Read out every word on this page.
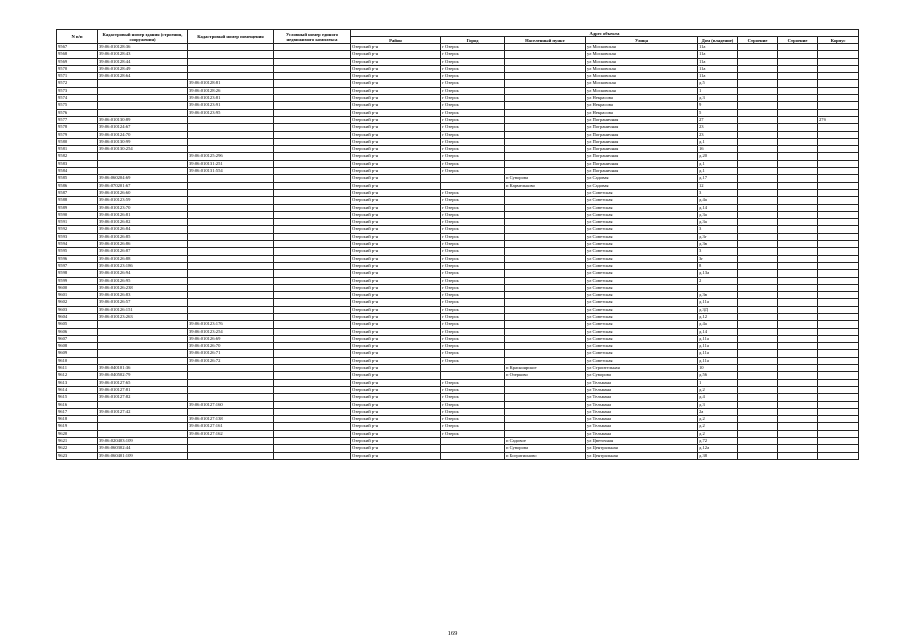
N п/п	Кадастровый номер здания (строения, сооружения)	Кадастровый номер помещения	Условный номер единого недвижимого комплекса	Адрес объекта							
				Район	Город	Населенный пункт	Улица	Дом (владение)	Строение	Строение	Корпус
9567	39:06:010128:36			Озерский р-н	г Озерск		ул Московская	11а			
9568	39:06:010128:43			Озерский р-н	г Озерск		ул Московская	11а			
9569	39:06:010128:44			Озерский р-н	г Озерск		ул Московская	11а			
9570	39:06:010128:49			Озерский р-н	г Озерск		ул Московская	11а			
9571	39:06:010128:64			Озерский р-н	г Озерск		ул Московская	11а			
9572		39:06:010128:81		Озерский р-н	г Озерск		ул Московская	д.5			
9573		39:06:010128:26		Озерский р-н	г Озерск		ул Московская	1			
9574		39:06:010123:81		Озерский р-н	г Озерск		ул Некрасова	д.3			
9575		39:06:010123:91		Озерский р-н	г Озерск		ул Некрасова	9			
9576		39:06:010123:95		Озерский р-н	г Озерск		ул Некрасова	5			
9577	39:06:010130:89			Озерский р-н	г Озерск		ул Пограничная	27			27б
9578	39:06:010124:67			Озерский р-н	г Озерск		ул Пограничная	23			
9579	39:06:010124:70			Озерский р-н	г Озерск		ул Пограничная	23			
9580	39:06:010130:99			Озерский р-н	г Озерск		ул Пограничная	д.1			
9581	39:06:010130:254			Озерский р-н	г Озерск		ул Пограничная	16			
9582		39:06:010125:296		Озерский р-н	г Озерск		ул Пограничная	д.20			
9583		39:06:010131:251		Озерский р-н	г Озерск		ул Пограничная	д.1			
9584		39:06:010131:554		Озерский р-н	г Озерск		ул Пограничная	д.1			
9585	39:06:060204:69			Озерский р-н		п Суворова	ул Садовая	д.17			
9586	39:06:070201:67			Озерский р-н		п Кармельково	ул Садовая	12			
9587	39:06:010126:60			Озерский р-н	г Озерск		ул Советская	3			
9588	39:06:010123:59			Озерский р-н	г Озерск		ул Советская	д.4а			
9589	39:06:010123:70			Озерский р-н	г Озерск		ул Советская	д.14			
9590	39:06:010126:81			Озерский р-н	г Озерск		ул Советская	д.3а			
9591	39:06:010126:82			Озерский р-н	г Озерск		ул Советская	д.3а			
9592	39:06:010126:84			Озерский р-н	г Озерск		ул Советская	3			
9593	39:06:010126:85			Озерский р-н	г Озерск		ул Советская	д.3г			
9594	39:06:010126:86			Озерский р-н	г Озерск		ул Советская	д.3в			
9595	39:06:010126:87			Озерский р-н	г Озерск		ул Советская	3			
9596	39:06:010126:88			Озерский р-н	г Озерск		ул Советская	3г			
9597	39:06:010123:186			Озерский р-н	г Озерск		ул Советская	8			
9598	39:06:010126:94			Озерский р-н	г Озерск		ул Советская	д.13а			
9599	39:06:010126:95			Озерский р-н	г Озерск		ул Советская	2			
9600	39:06:010126:238			Озерский р-н	г Озерск		ул Советская				
9601	39:06:010126:83			Озерский р-н	г Озерск		ул Советская	д.3в			
9602	39:06:010126:57			Озерский р-н	г Озерск		ул Советская	д.11а			
9603	39:06:010126:151			Озерский р-н	г Озерск		ул Советская	д.3Д			
9604	39:06:010123:263			Озерский р-н	г Озерск		ул Советская	д.12			
9605		39:06:010123:176		Озерский р-н	г Озерск		ул Советская	д.4а			
9606		39:06:010123:254		Озерский р-н	г Озерск		ул Советская	д.14			
9607		39:06:010126:69		Озерский р-н	г Озерск		ул Советская	д.11а			
9608		39:06:010126:70		Озерский р-н	г Озерск		ул Советская	д.11а			
9609		39:06:010126:71		Озерский р-н	г Озерск		ул Советская	д.11а			
9610		39:06:010126:72		Озерский р-н	г Озерск		ул Советская	д.11а			
9611	39:06:040101:36			Озерский р-н		п Красноярское	ул Строительная	10			
9612	39:06:040502:79			Озерский р-н		п Озерково	ул Суворова	д.56			
9613	39:06:010127:65			Озерский р-н	г Озерск		ул Тельмана	1			
9614	39:06:010127:81			Озерский р-н	г Озерск		ул Тельмана	д.2			
9615	39:06:010127:82			Озерский р-н	г Озерск		ул Тельмана	д.4			
9616		39:06:010127:160		Озерский р-н	г Озерск		ул Тельмана	д.3			
9617	39:06:010127:42			Озерский р-н	г Озерск		ул Тельмана	2а			
9618		39:06:010127:138		Озерский р-н	г Озерск		ул Тельмана	д.2			
9619		39:06:010127:161		Озерский р-н	г Озерск		ул Тельмана	д.2			
9620		39:06:010127:162		Озерский р-н	г Озерск		ул Тельмана	д.2			
9621	39:06:020403:109			Озерский р-н		п Садовое	ул Цветочная	д.72			
9622	39:06:060302:44			Озерский р-н		п Суворова	ул Центральная	д.12а			
9623	39:06:060401:109			Озерский р-н		п Богратионово	ул Центральная	д.38			
169
